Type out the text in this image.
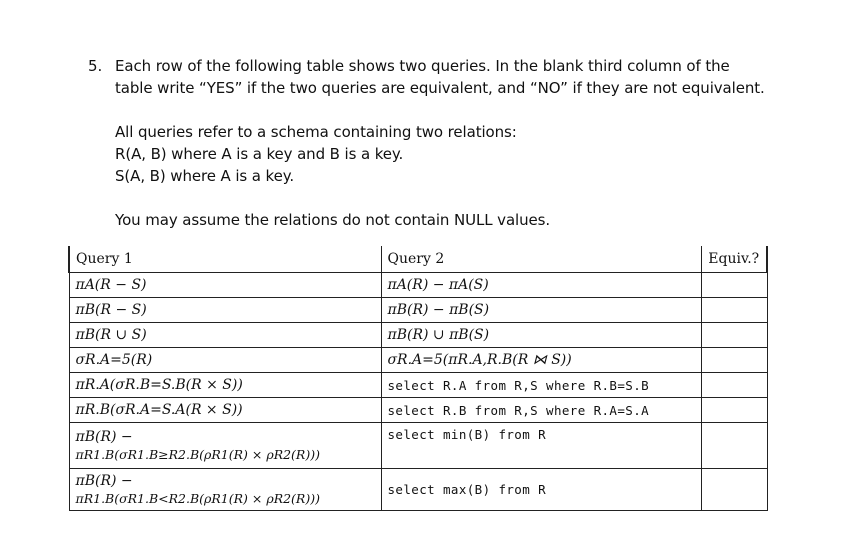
5. Each row of the following table shows two queries. In the blank third column of the
table write “YES” if the two queries are equivalent, and “NO” if they are not equivalent.
All queries refer to a schema containing two relations:
R(A, B) where A is a key and B is a key.
S(A, B) where A is a key.
You may assume the relations do not contain NULL values.
Query 1	Query 2	Equiv.?
πA(R − S)	πA(R) − πA(S)	
πB(R − S)	πB(R) − πB(S)	
πB(R ∪ S)	πB(R) ∪ πB(S)	
σR.A=5(R)	σR.A=5(πR.A,R.B(R ⋈ S))	
πR.A(σR.B=S.B(R × S))	select R.A from R,S where R.B=S.B	
πR.B(σR.A=S.A(R × S))	select R.B from R,S where R.A=S.A	

πB(R) −
πR1.B(σR1.B≥R2.B(ρR1(R) × ρR2(R)))	select min(B) from R	

πB(R) −
πR1.B(σR1.B<R2.B(ρR1(R) × ρR2(R)))	select max(B) from R	
